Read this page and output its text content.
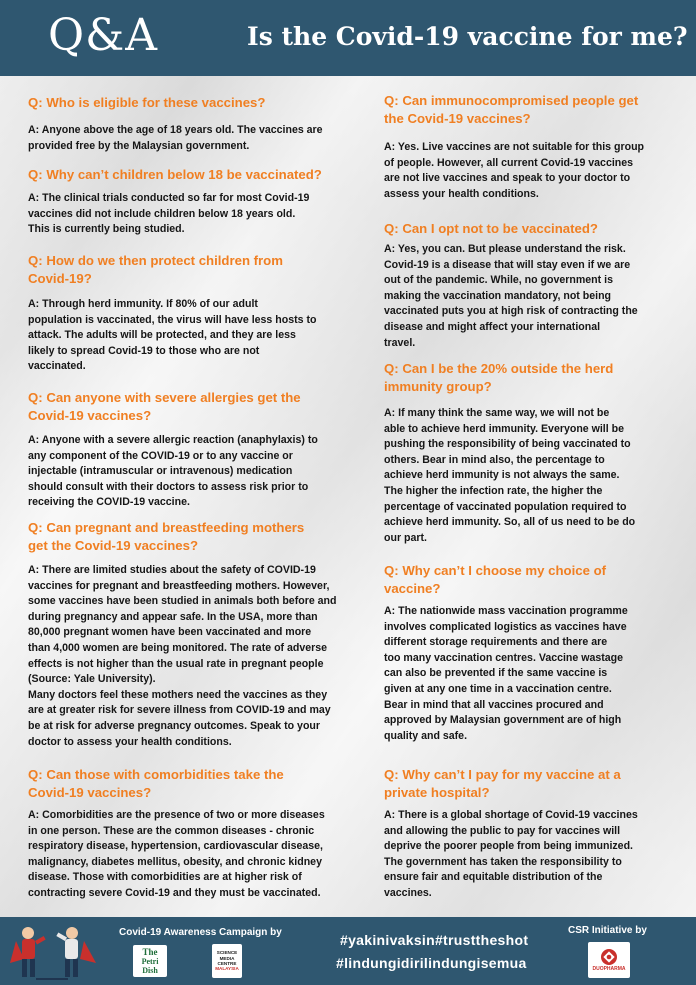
Q&A	Is the Covid-19 vaccine for me?
Q: Who is eligible for these vaccines?
A: Anyone above the age of 18 years old. The vaccines are
provided free by the Malaysian government.
Q: Why can’t children below 18 be vaccinated?
A: The clinical trials conducted so far for most Covid-19
vaccines did not include children below 18 years old.
This is currently being studied.
Q: How do we then protect children from
Covid-19?
A: Through herd immunity. If 80% of our adult
population is vaccinated, the virus will have less hosts to
attack. The adults will be protected, and they are less
likely to spread Covid-19 to those who are not
vaccinated.
Q: Can anyone with severe allergies get the
Covid-19 vaccines?
A: Anyone with a severe allergic reaction (anaphylaxis) to
any component of the COVID-19 or to any vaccine or
injectable (intramuscular or intravenous) medication
should consult with their doctors to assess risk prior to
receiving the COVID-19 vaccine.
Q: Can pregnant and breastfeeding mothers
get the Covid-19 vaccines?
A: There are limited studies about the safety of COVID-19
vaccines for pregnant and breastfeeding mothers. However,
some vaccines have been studied in animals both before and
during pregnancy and appear safe. In the USA, more than
80,000 pregnant women have been vaccinated and more
than 4,000 women are being monitored. The rate of adverse
effects is not higher than the usual rate in pregnant people
(Source: Yale University).
Many doctors feel these mothers need the vaccines as they
are at greater risk for severe illness from COVID-19 and may
be at risk for adverse pregnancy outcomes. Speak to your
doctor to assess your health conditions.
Q: Can those with comorbidities take the
Covid-19 vaccines?
A: Comorbidities are the presence of two or more diseases
in one person. These are the common diseases - chronic
respiratory disease, hypertension, cardiovascular disease,
malignancy, diabetes mellitus, obesity, and chronic kidney
disease. Those with comorbidities are at higher risk of
contracting severe Covid-19 and they must be vaccinated.
Q: Can immunocompromised people get
the Covid-19 vaccines?
A: Yes. Live vaccines are not suitable for this group
of people. However, all current Covid-19 vaccines
are not live vaccines and speak to your doctor to
assess your health conditions.
Q: Can I opt not to be vaccinated?
A: Yes, you can. But please understand the risk.
Covid-19 is a disease that will stay even if we are
out of the pandemic. While, no government is
making the vaccination mandatory, not being
vaccinated puts you at high risk of contracting the
disease and might affect your international
travel.
Q: Can I be the 20% outside the herd
immunity group?
A: If many think the same way, we will not be
able to achieve herd immunity. Everyone will be
pushing the responsibility of being vaccinated to
others. Bear in mind also, the percentage to
achieve herd immunity is not always the same.
The higher the infection rate, the higher the
percentage of vaccinated population required to
achieve herd immunity. So, all of us need to be do
our part.
Q: Why can’t I choose my choice of
vaccine?
A: The nationwide mass vaccination programme
involves complicated logistics as vaccines have
different storage requirements and there are
too many vaccination centres. Vaccine wastage
can also be prevented if the same vaccine is
given at any one time in a vaccination centre.
Bear in mind that all vaccines procured and
approved by Malaysian government are of high
quality and safe.
Q: Why can’t I pay for my vaccine at a
private hospital?
A: There is a global shortage of Covid-19 vaccines
and allowing the public to pay for vaccines will
deprive the poorer people from being immunized.
The government has taken the responsibility to
ensure fair and equitable distribution of the
vaccines.
Covid-19 Awareness Campaign by
The
Petri Dish
SCIENCE
MEDIA
CENTRE
MALAYSIA
#yakinivaksin#trusttheshot
#lindungidirilindungisemua
CSR Initiative by
DUOPHARMA
